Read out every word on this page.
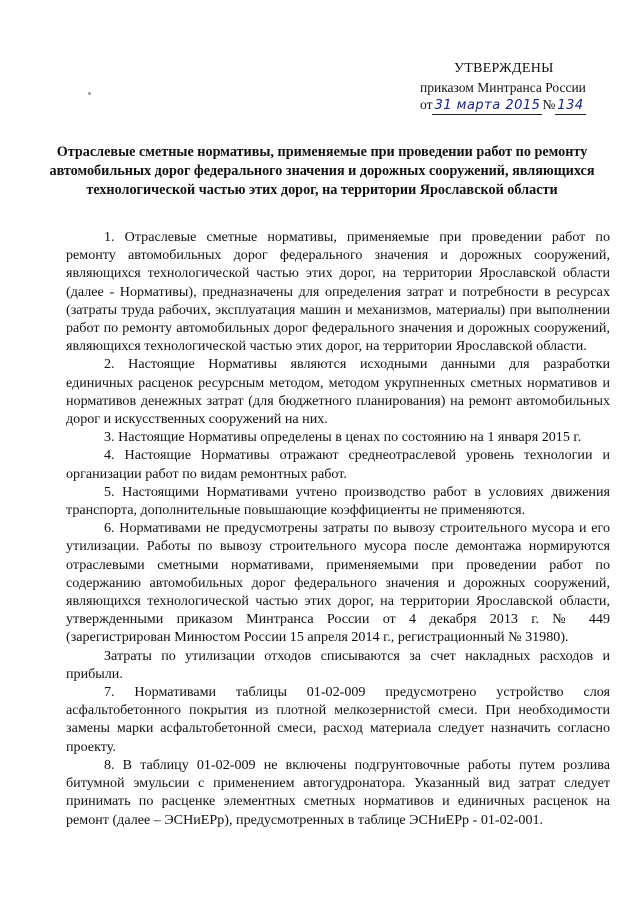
УТВЕРЖДЕНЫ
приказом Минтранса России
от 31 марта 2015 № 134
Отраслевые сметные нормативы, применяемые при проведении работ по ремонту автомобильных дорог федерального значения и дорожных сооружений, являющихся технологической частью этих дорог, на территории Ярославской области

1. Отраслевые сметные нормативы, применяемые при проведении работ по ремонту автомобильных дорог федерального значения и дорожных сооружений, являющихся технологической частью этих дорог, на территории Ярославской области (далее - Нормативы), предназначены для определения затрат и потребности в ресурсах (затраты труда рабочих, эксплуатация машин и механизмов, материалы) при выполнении работ по ремонту автомобильных дорог федерального значения и дорожных сооружений, являющихся технологической частью этих дорог, на территории Ярославской области.

2. Настоящие Нормативы являются исходными данными для разработки единичных расценок ресурсным методом, методом укрупненных сметных нормативов и нормативов денежных затрат (для бюджетного планирования) на ремонт автомобильных дорог и искусственных сооружений на них.

3. Настоящие Нормативы определены в ценах по состоянию на 1 января 2015 г.

4. Настоящие Нормативы отражают среднеотраслевой уровень технологии и организации работ по видам ремонтных работ.

5. Настоящими Нормативами учтено производство работ в условиях движения транспорта, дополнительные повышающие коэффициенты не применяются.

6. Нормативами не предусмотрены затраты по вывозу строительного мусора и его утилизации. Работы по вывозу строительного мусора после демонтажа нормируются отраслевыми сметными нормативами, применяемыми при проведении работ по содержанию автомобильных дорог федерального значения и дорожных сооружений, являющихся технологической частью этих дорог, на территории Ярославской области, утвержденными приказом Минтранса России от 4 декабря 2013 г. № 449 (зарегистрирован Минюстом России 15 апреля 2014 г., регистрационный № 31980).

Затраты по утилизации отходов списываются за счет накладных расходов и прибыли.

7. Нормативами таблицы 01-02-009 предусмотрено устройство слоя асфальтобетонного покрытия из плотной мелкозернистой смеси. При необходимости замены марки асфальтобетонной смеси, расход материала следует назначить согласно проекту.

8. В таблицу 01-02-009 не включены подгрунтовочные работы путем розлива битумной эмульсии с применением автогудронатора. Указанный вид затрат следует принимать по расценке элементных сметных нормативов и единичных расценок на ремонт (далее – ЭСНиЕРр), предусмотренных в таблице ЭСНиЕРр - 01-02-001.
